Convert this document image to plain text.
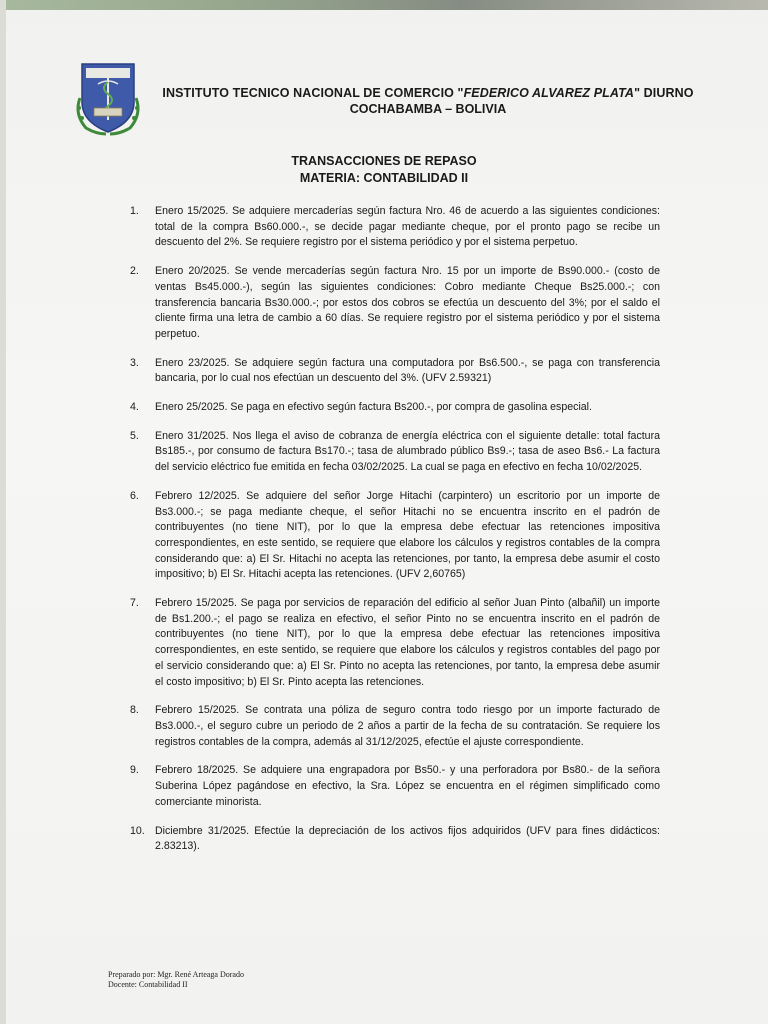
INSTITUTO TECNICO NACIONAL DE COMERCIO "FEDERICO ALVAREZ PLATA" DIURNO
COCHABAMBA – BOLIVIA
TRANSACCIONES DE REPASO
MATERIA: CONTABILIDAD II
1.	Enero 15/2025. Se adquiere mercaderías según factura Nro. 46 de acuerdo a las siguientes condiciones: total de la compra Bs60.000.-, se decide pagar mediante cheque, por el pronto pago se recibe un descuento del 2%. Se requiere registro por el sistema periódico y por el sistema perpetuo.
2.	Enero 20/2025. Se vende mercaderías según factura Nro. 15 por un importe de Bs90.000.- (costo de ventas Bs45.000.-), según las siguientes condiciones: Cobro mediante Cheque Bs25.000.-; con transferencia bancaria Bs30.000.-; por estos dos cobros se efectúa un descuento del 3%; por el saldo el cliente firma una letra de cambio a 60 días. Se requiere registro por el sistema periódico y por el sistema perpetuo.
3.	Enero 23/2025. Se adquiere según factura una computadora por Bs6.500.-, se paga con transferencia bancaria, por lo cual nos efectúan un descuento del 3%. (UFV 2.59321)
4.	Enero 25/2025. Se paga en efectivo según factura Bs200.-, por compra de gasolina especial.
5.	Enero 31/2025. Nos llega el aviso de cobranza de energía eléctrica con el siguiente detalle: total factura Bs185.-, por consumo de factura Bs170.-; tasa de alumbrado público Bs9.-; tasa de aseo Bs6.- La factura del servicio eléctrico fue emitida en fecha 03/02/2025. La cual se paga en efectivo en fecha 10/02/2025.
6.	Febrero 12/2025. Se adquiere del señor Jorge Hitachi (carpintero) un escritorio por un importe de Bs3.000.-; se paga mediante cheque, el señor Hitachi no se encuentra inscrito en el padrón de contribuyentes (no tiene NIT), por lo que la empresa debe efectuar las retenciones impositiva correspondientes, en este sentido, se requiere que elabore los cálculos y registros contables de la compra considerando que: a) El Sr. Hitachi no acepta las retenciones, por tanto, la empresa debe asumir el costo impositivo; b) El Sr. Hitachi acepta las retenciones. (UFV 2,60765)
7.	Febrero 15/2025. Se paga por servicios de reparación del edificio al señor Juan Pinto (albañil) un importe de Bs1.200.-; el pago se realiza en efectivo, el señor Pinto no se encuentra inscrito en el padrón de contribuyentes (no tiene NIT), por lo que la empresa debe efectuar las retenciones impositiva correspondientes, en este sentido, se requiere que elabore los cálculos y registros contables del pago por el servicio considerando que: a) El Sr. Pinto no acepta las retenciones, por tanto, la empresa debe asumir el costo impositivo; b) El Sr. Pinto acepta las retenciones.
8.	Febrero 15/2025. Se contrata una póliza de seguro contra todo riesgo por un importe facturado de Bs3.000.-, el seguro cubre un periodo de 2 años a partir de la fecha de su contratación. Se requiere los registros contables de la compra, además al 31/12/2025, efectúe el ajuste correspondiente.
9.	Febrero 18/2025. Se adquiere una engrapadora por Bs50.- y una perforadora por Bs80.- de la señora Suberina López pagándose en efectivo, la Sra. López se encuentra en el régimen simplificado como comerciante minorista.
10. Diciembre 31/2025. Efectúe la depreciación de los activos fijos adquiridos (UFV para fines didácticos: 2.83213).
Preparado por: Mgr. René Arteaga Dorado
Docente: Contabilidad II
